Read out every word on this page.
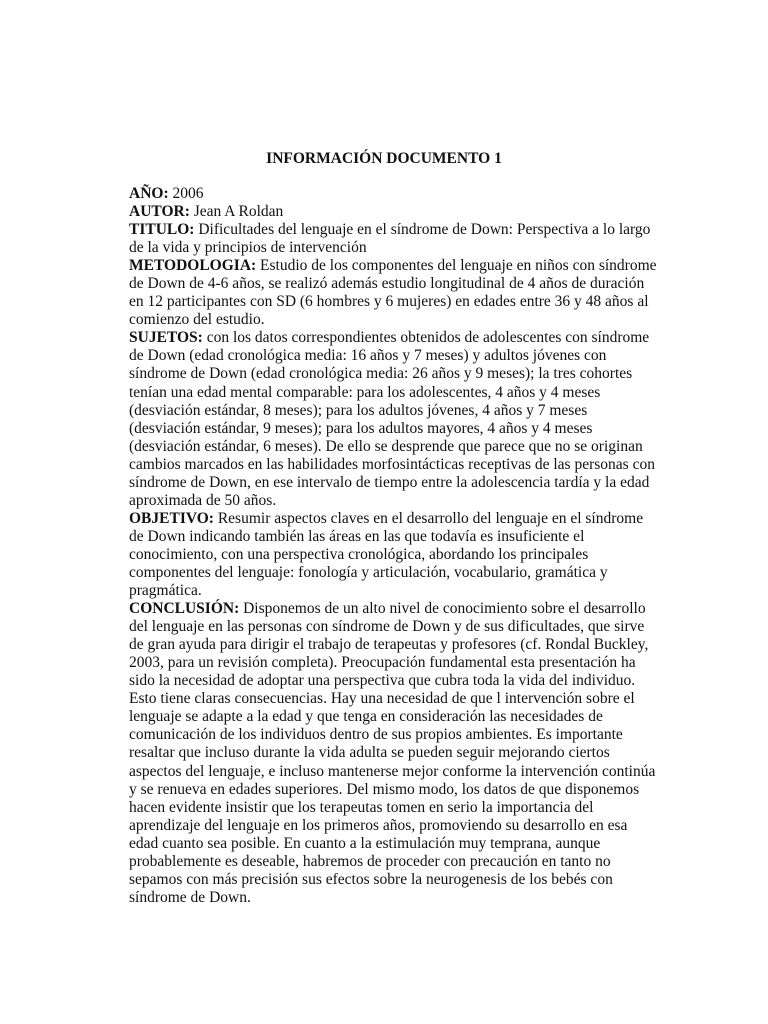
INFORMACIÓN DOCUMENTO 1

AÑO: 2006

AUTOR: Jean A Roldan

TITULO: Dificultades del lenguaje en el síndrome de Down: Perspectiva a lo largo de la vida y principios de intervención

METODOLOGIA: Estudio de los componentes del lenguaje en niños con síndrome de Down de 4-6 años, se realizó además estudio longitudinal de 4 años de duración en 12 participantes con SD (6 hombres y 6 mujeres) en edades entre 36 y 48 años al comienzo del estudio.

SUJETOS: con los datos correspondientes obtenidos de adolescentes con síndrome de Down (edad cronológica media: 16 años y 7 meses) y adultos jóvenes con síndrome de Down (edad cronológica media: 26 años y 9 meses); la tres cohortes tenían una edad mental comparable: para los adolescentes, 4 años y 4 meses (desviación estándar, 8 meses); para los adultos jóvenes, 4 años y 7 meses (desviación estándar, 9 meses); para los adultos mayores, 4 años y 4 meses (desviación estándar, 6 meses). De ello se desprende que parece que no se originan cambios marcados en las habilidades morfosintácticas receptivas de las personas con síndrome de Down, en ese intervalo de tiempo entre la adolescencia tardía y la edad aproximada de 50 años.

OBJETIVO: Resumir aspectos claves en el desarrollo del lenguaje en el síndrome de Down indicando también las áreas en las que todavía es insuficiente el conocimiento, con una perspectiva cronológica, abordando los principales componentes del lenguaje: fonología y articulación, vocabulario, gramática y pragmática.

CONCLUSIÓN: Disponemos de un alto nivel de conocimiento sobre el desarrollo del lenguaje en las personas con síndrome de Down y de sus dificultades, que sirve de gran ayuda para dirigir el trabajo de terapeutas y profesores (cf. Rondal Buckley, 2003, para un revisión completa). Preocupación fundamental esta presentación ha sido la necesidad de adoptar una perspectiva que cubra toda la vida del individuo. Esto tiene claras consecuencias. Hay una necesidad de que l intervención sobre el lenguaje se adapte a la edad y que tenga en consideración las necesidades de comunicación de los individuos dentro de sus propios ambientes. Es importante resaltar que incluso durante la vida adulta se pueden seguir mejorando ciertos aspectos del lenguaje, e incluso mantenerse mejor conforme la intervención continúa y se renueva en edades superiores. Del mismo modo, los datos de que disponemos hacen evidente insistir que los terapeutas tomen en serio la importancia del aprendizaje del lenguaje en los primeros años, promoviendo su desarrollo en esa edad cuanto sea posible. En cuanto a la estimulación muy temprana, aunque probablemente es deseable, habremos de proceder con precaución en tanto no sepamos con más precisión sus efectos sobre la neurogenesis de los bebés con síndrome de Down.
